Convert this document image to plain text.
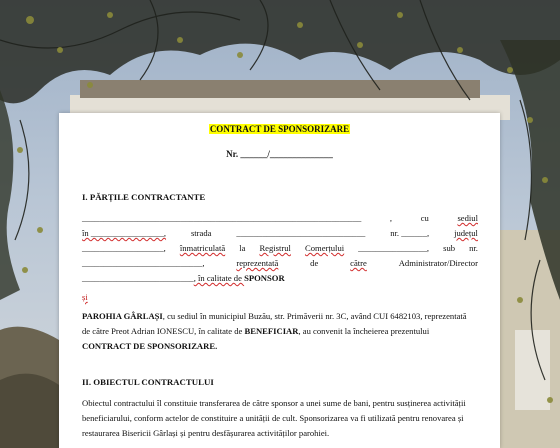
CONTRACT DE SPONSORIZARE
Nr. ______/______________
I. PĂRȚILE CONTRACTANTE
_________________________________________________________________	,	cu	sediul
în _________________,	strada	______________________________	nr. ______,	județul
___________________, înmatriculată la Registrul Comerțului ________________, sub nr.
____________________________,	reprezentată	de	către	Administrator/Director
__________________________, în calitate de SPONSOR
și
PAROHIA GÂRLAȘI, cu sediul în municipiul Buzău, str. Primăverii nr. 3C, având CUI 6482103, reprezentată
de către Preot Adrian IONESCU, în calitate de BENEFICIAR, au convenit la încheierea prezentului
CONTRACT DE SPONSORIZARE.
II. OBIECTUL CONTRACTULUI
Obiectul contractului îl constituie transferarea de către sponsor a unei sume de bani, pentru susținerea activității
beneficiarului, conform actelor de constituire a unității de cult. Sponsorizarea va fi utilizată pentru renovarea și
restaurarea Bisericii Gârlași și pentru desfășurarea activităților parohiei.
